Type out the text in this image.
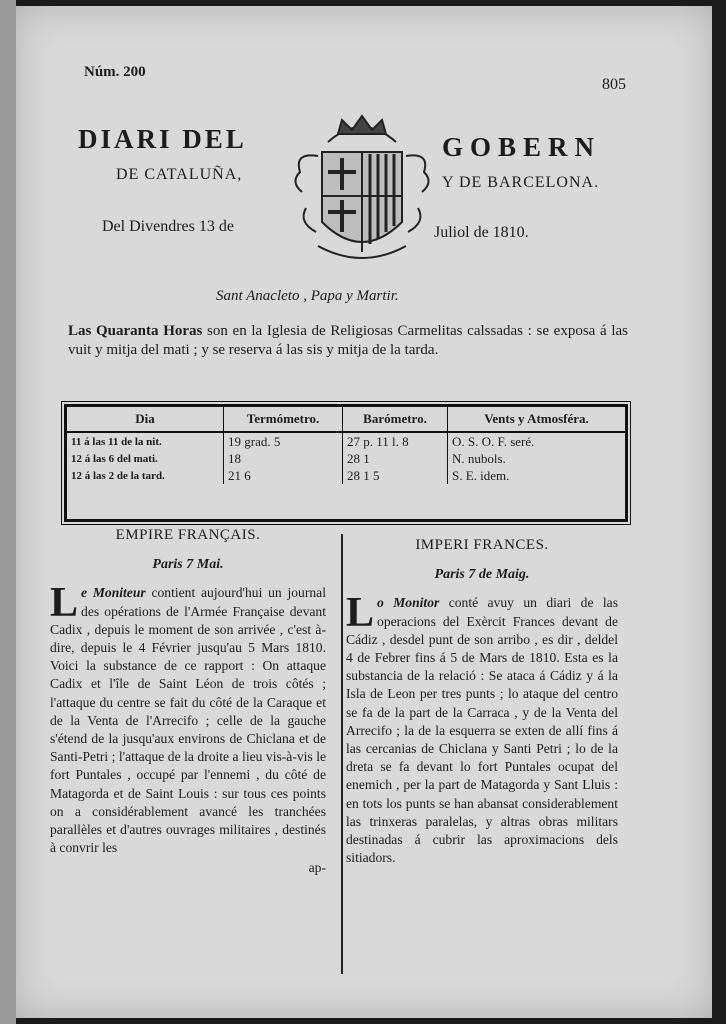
Núm. 200
805
DIARI DEL	GOBERN
DE CATALUÑA,	Y DE BARCELONA.
Del Divendres 13 de	Juliol de 1810.
Sant Anacleto , Papa y Martir.
Las Quaranta Horas son en la Iglesia de Religiosas Carmelitas calssadas : se exposa á las vuit y mitja del mati ; y se reserva á las sis y mitja de la tarda.
Dia	Termómetro.	Barómetro.	Vents y Atmosféra.
11 á las 11 de la nit.	19 grad. 5	27 p. 11 l. 8	O. S. O. F. seré.
12 á las 6 del mati.	18	28 1	N. nubols.
12 á las 2 de la tard.	21 6	28 1 5	S. E. idem.
EMPIRE FRANÇAIS.
Paris 7 Mai.
Le Moniteur contient aujourd'hui un journal des opérations de l'Armée Française devant Cadix , depuis le moment de son arrivée , c'est à-dire, depuis le 4 Février jusqu'au 5 Mars 1810. Voici la substance de ce rapport : On attaque Cadix et l'île de Saint Léon de trois côtés ; l'attaque du centre se fait du côté de la Caraque et de la Venta de l'Arrecifo ; celle de la gauche s'étend de la jusqu'aux environs de Chiclana et de Santi-Petri ; l'attaque de la droite a lieu vis-à-vis le fort Puntales , occupé par l'ennemi , du côté de Matagorda et de Saint Louis : sur tous ces points on a considérablement avancé les tranchées parallèles et d'autres ouvrages militaires , destinés à convrir les
ap-
IMPERI FRANCES.
Paris 7 de Maig.
Lo Monitor conté avuy un diari de las operacions del Exèrcit Frances devant de Cádiz , desdel punt de son arribo , es dir , deldel 4 de Febrer fins á 5 de Mars de 1810. Esta es la substancia de la relació : Se ataca á Cádiz y á la Isla de Leon per tres punts ; lo ataque del centro se fa de la part de la Carraca , y de la Venta del Arrecifo ; la de la esquerra se exten de allí fins á las cercanias de Chiclana y Santi Petri ; lo de la dreta se fa devant lo fort Puntales ocupat del enemich , per la part de Matagorda y Sant Lluis : en tots los punts se han abansat considerablement las trinxeras paralelas, y altras obras militars destinadas á cubrir las aproximacions dels sitiadors.
